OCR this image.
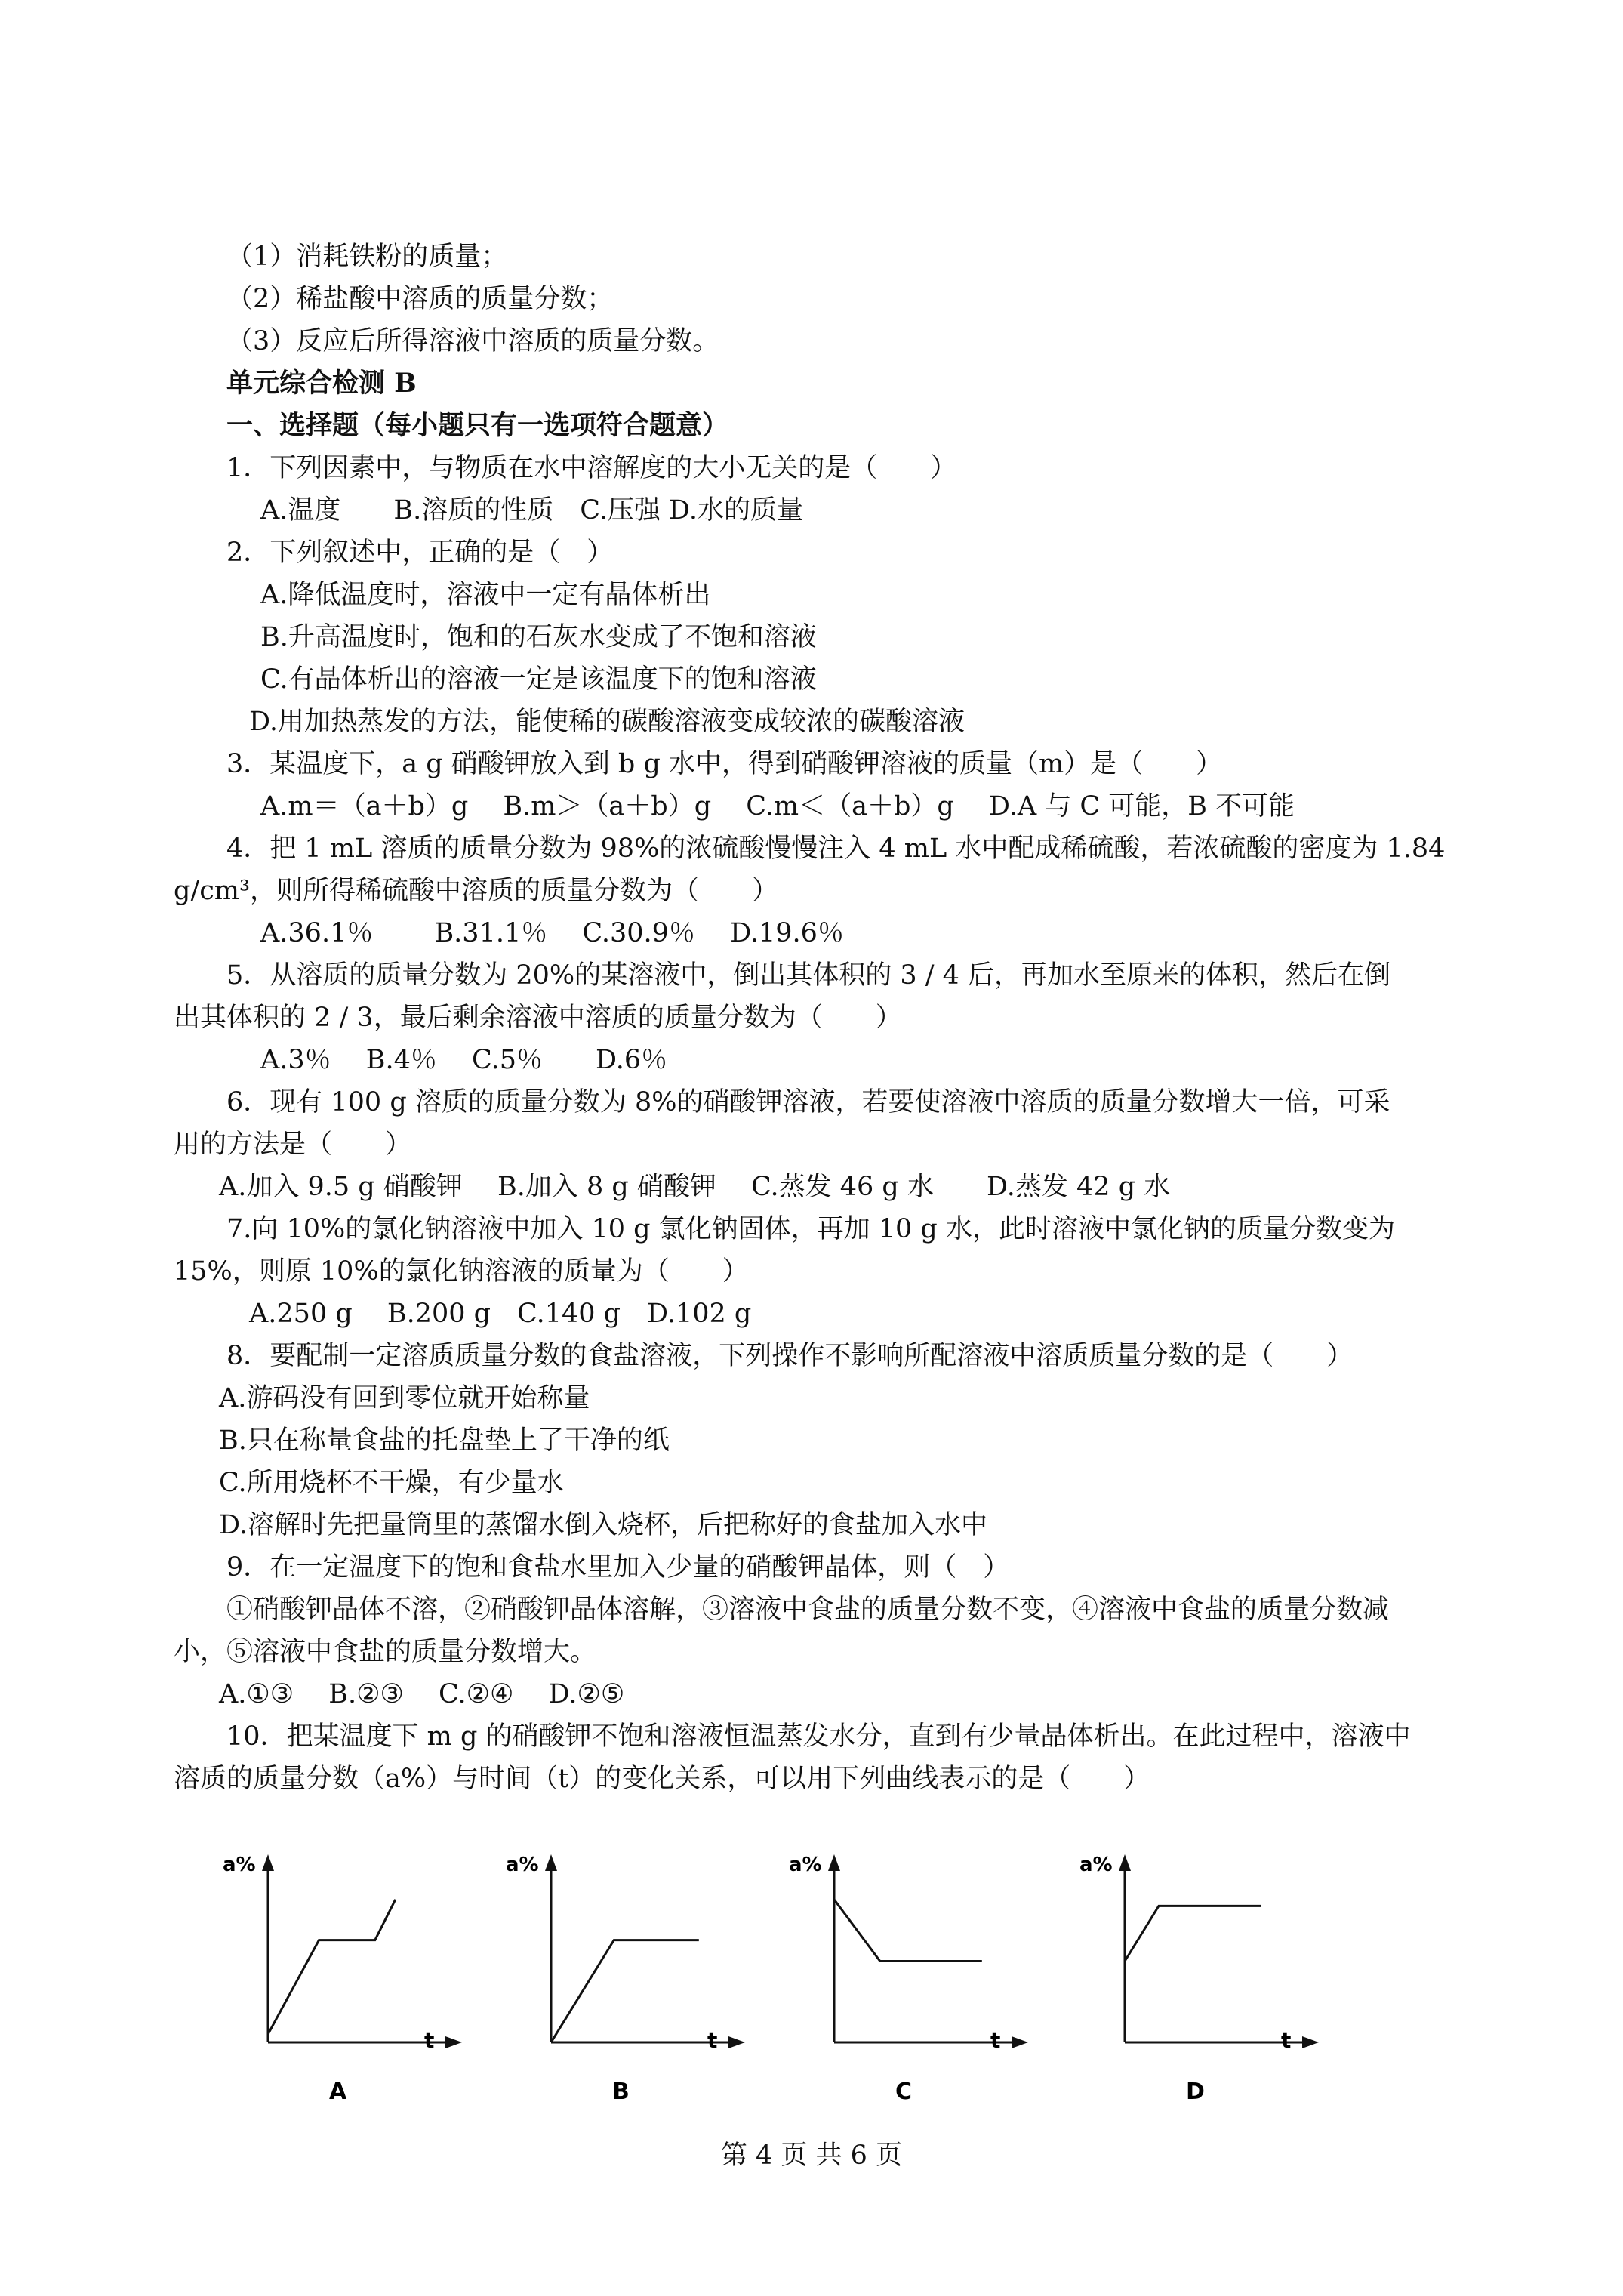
（1）消耗铁粉的质量；
（2）稀盐酸中溶质的质量分数；
（3）反应后所得溶液中溶质的质量分数。
单元综合检测 B
一、选择题（每小题只有一选项符合题意）
1．下列因素中，与物质在水中溶解度的大小无关的是（　　）
A.温度　　B.溶质的性质　C.压强 D.水的质量
2．下列叙述中，正确的是（　）
A.降低温度时，溶液中一定有晶体析出
B.升高温度时，饱和的石灰水变成了不饱和溶液
C.有晶体析出的溶液一定是该温度下的饱和溶液
D.用加热蒸发的方法，能使稀的碳酸溶液变成较浓的碳酸溶液
3．某温度下，a g 硝酸钾放入到 b g 水中，得到硝酸钾溶液的质量（m）是（　　）
A.m＝（a＋b）g　 B.m＞（a＋b）g　 C.m＜（a＋b）g　 D.A 与 C 可能，B 不可能
4．把 1 mL 溶质的质量分数为 98%的浓硫酸慢慢注入 4 mL 水中配成稀硫酸，若浓硫酸的密度为 1.84
g/cm³，则所得稀硫酸中溶质的质量分数为（　　）
A.36.1％　　 B.31.1％　 C.30.9％　 D.19.6％
5．从溶质的质量分数为 20%的某溶液中，倒出其体积的 3 / 4 后，再加水至原来的体积，然后在倒
出其体积的 2 / 3，最后剩余溶液中溶质的质量分数为（　　）
A.3％　 B.4％　 C.5％　　D.6％
6．现有 100 g 溶质的质量分数为 8%的硝酸钾溶液，若要使溶液中溶质的质量分数增大一倍，可采
用的方法是（　　）
A.加入 9.5 g 硝酸钾　 B.加入 8 g 硝酸钾　 C.蒸发 46 g 水　　D.蒸发 42 g 水
7.向 10%的氯化钠溶液中加入 10 g 氯化钠固体，再加 10 g 水，此时溶液中氯化钠的质量分数变为
15%，则原 10%的氯化钠溶液的质量为（　　）
A.250 g　 B.200 g　C.140 g　D.102 g
8．要配制一定溶质质量分数的食盐溶液，下列操作不影响所配溶液中溶质质量分数的是（　　）
A.游码没有回到零位就开始称量
B.只在称量食盐的托盘垫上了干净的纸
C.所用烧杯不干燥，有少量水
D.溶解时先把量筒里的蒸馏水倒入烧杯，后把称好的食盐加入水中
9．在一定温度下的饱和食盐水里加入少量的硝酸钾晶体，则（　）
①硝酸钾晶体不溶，②硝酸钾晶体溶解，③溶液中食盐的质量分数不变，④溶液中食盐的质量分数减
小，⑤溶液中食盐的质量分数增大。
A.①③　 B.②③　 C.②④　 D.②⑤
10．把某温度下 m g 的硝酸钾不饱和溶液恒温蒸发水分，直到有少量晶体析出。在此过程中，溶液中
溶质的质量分数（a%）与时间（t）的变化关系，可以用下列曲线表示的是（　　）
a%
t
A
a%
t
B
a%
t
C
a%
t
D
第 4 页 共 6 页
